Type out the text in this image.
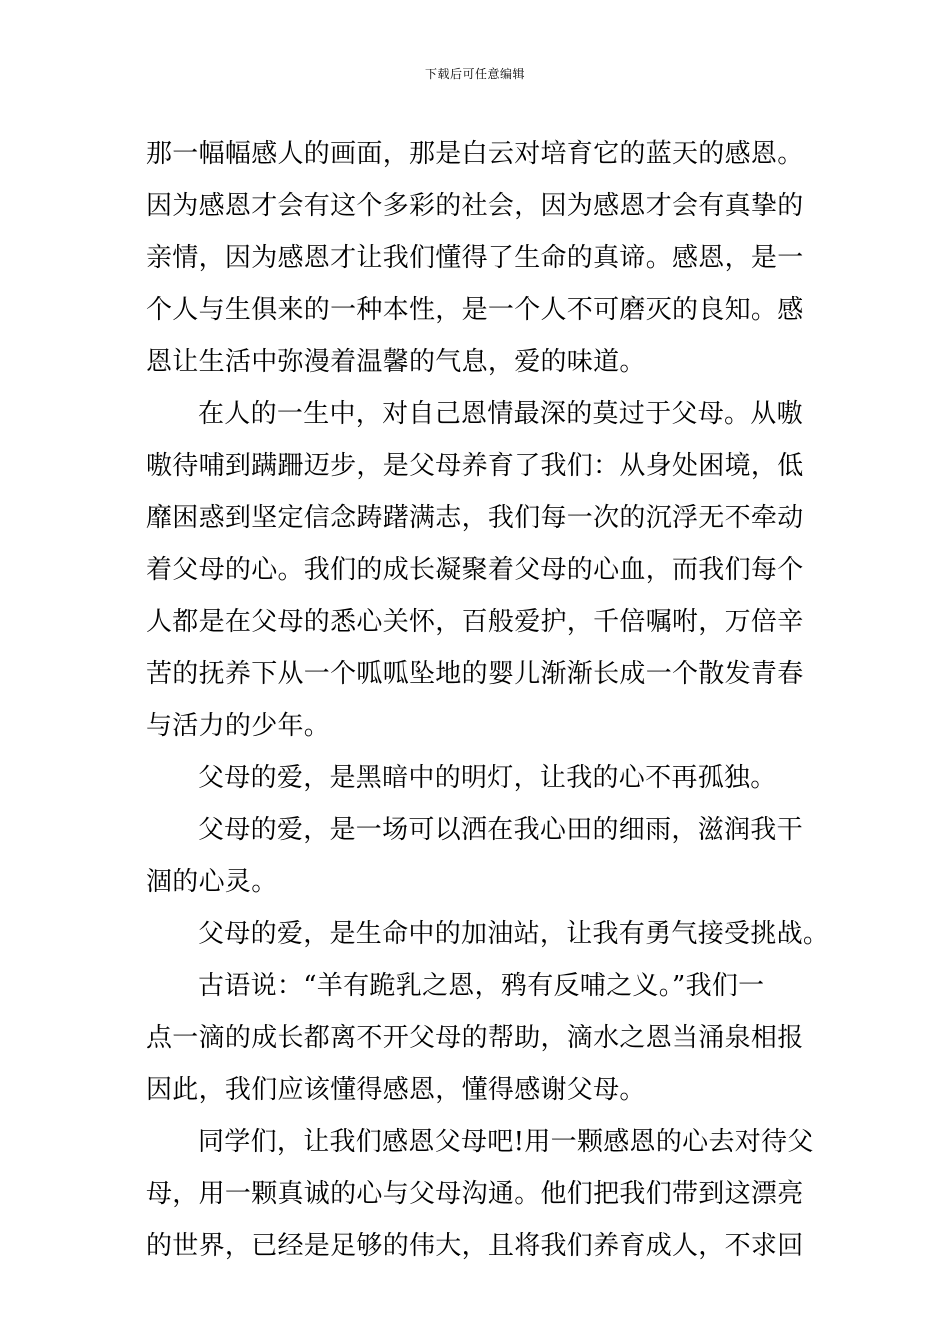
下载后可任意编辑
那一幅幅感人的画面，那是白云对培育它的蓝天的感恩。
因为感恩才会有这个多彩的社会，因为感恩才会有真挚的
亲情，因为感恩才让我们懂得了生命的真谛。感恩，是一
个人与生俱来的一种本性，是一个人不可磨灭的良知。感
恩让生活中弥漫着温馨的气息，爱的味道。
在人的一生中，对自己恩情最深的莫过于父母。从嗷
嗷待哺到蹒跚迈步，是父母养育了我们：从身处困境，低
靡困惑到坚定信念踌躇满志，我们每一次的沉浮无不牵动
着父母的心。我们的成长凝聚着父母的心血，而我们每个
人都是在父母的悉心关怀，百般爱护，千倍嘱咐，万倍辛
苦的抚养下从一个呱呱坠地的婴儿渐渐长成一个散发青春
与活力的少年。
父母的爱，是黑暗中的明灯，让我的心不再孤独。
父母的爱，是一场可以洒在我心田的细雨，滋润我干
涸的心灵。
父母的爱，是生命中的加油站，让我有勇气接受挑战。
古语说：“羊有跪乳之恩，鸦有反哺之义。”我们一
点一滴的成长都离不开父母的帮助，滴水之恩当涌泉相报
因此，我们应该懂得感恩，懂得感谢父母。
同学们，让我们感恩父母吧!用一颗感恩的心去对待父
母，用一颗真诚的心与父母沟通。他们把我们带到这漂亮
的世界，已经是足够的伟大，且将我们养育成人，不求回
